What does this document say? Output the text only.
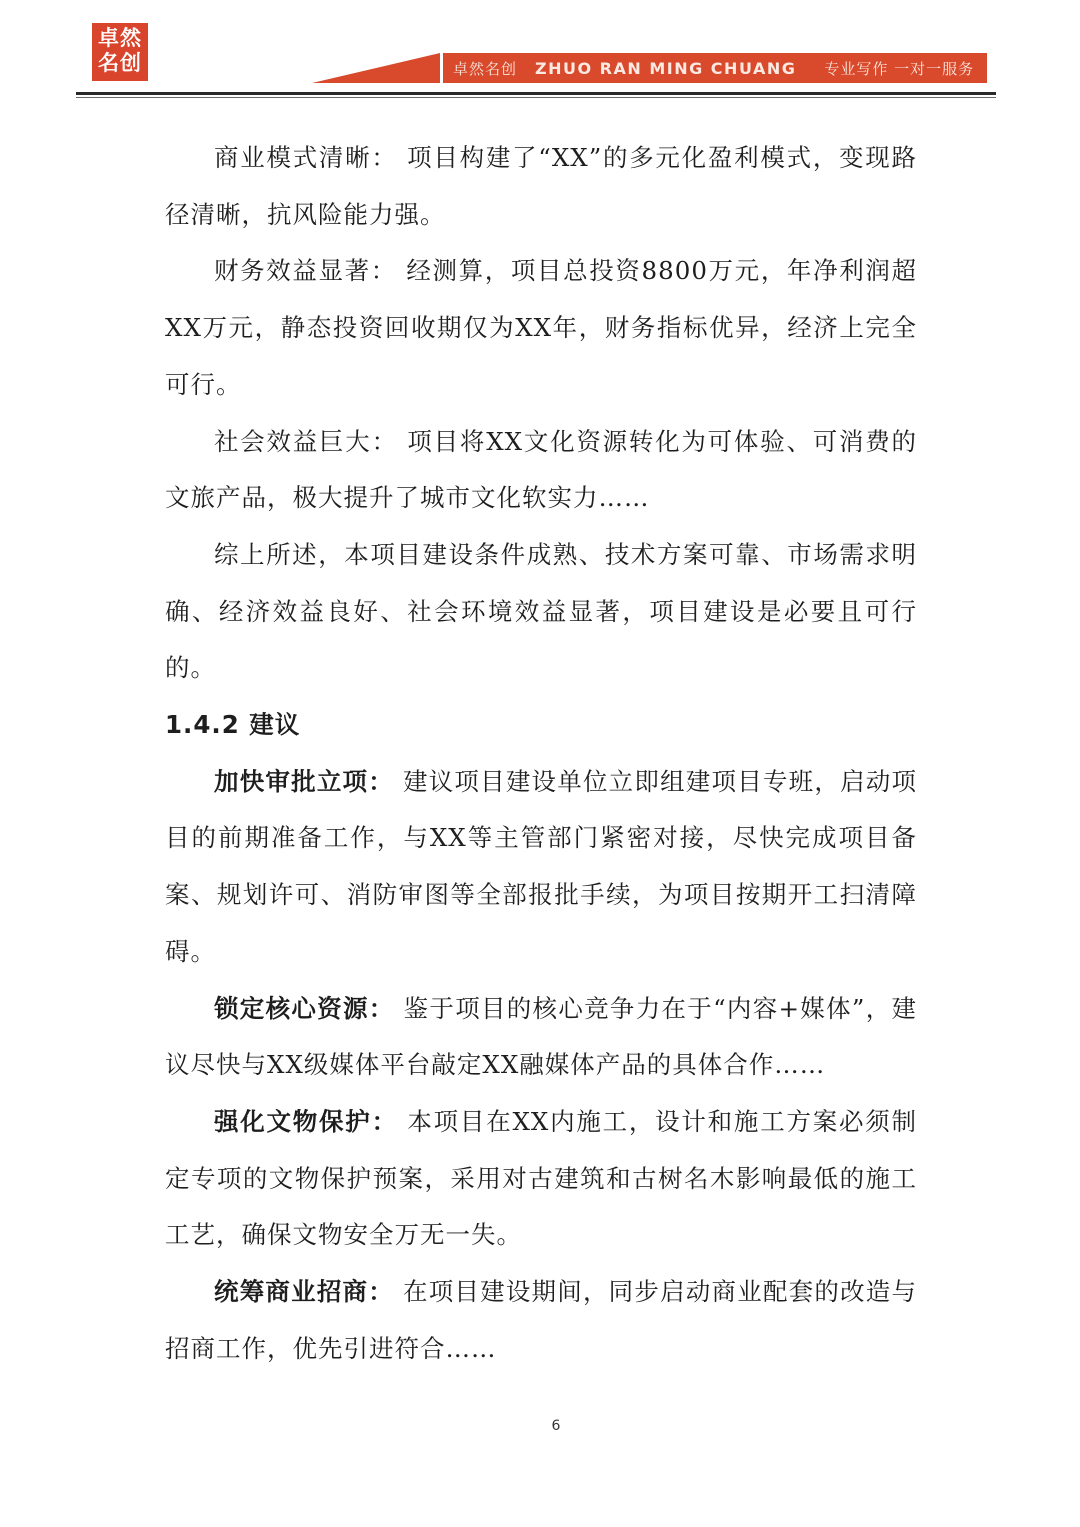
卓然
名创	卓然名创 ZHUO RAN MING CHUANG 专业写作 一对一服务

商业模式清晰： 项目构建了“XX”的多元化盈利模式，变现路径清晰，抗风险能力强。

财务效益显著： 经测算，项目总投资8800万元，年净利润超XX万元，静态投资回收期仅为XX年，财务指标优异，经济上完全可行。

社会效益巨大： 项目将XX文化资源转化为可体验、可消费的文旅产品，极大提升了城市文化软实力……

综上所述，本项目建设条件成熟、技术方案可靠、市场需求明确、经济效益良好、社会环境效益显著，项目建设是必要且可行的。

1.4.2 建议

加快审批立项： 建议项目建设单位立即组建项目专班，启动项目的前期准备工作，与XX等主管部门紧密对接，尽快完成项目备案、规划许可、消防审图等全部报批手续，为项目按期开工扫清障碍。

锁定核心资源： 鉴于项目的核心竞争力在于“内容+媒体”，建议尽快与XX级媒体平台敲定XX融媒体产品的具体合作……

强化文物保护： 本项目在XX内施工，设计和施工方案必须制定专项的文物保护预案，采用对古建筑和古树名木影响最低的施工工艺，确保文物安全万无一失。

统筹商业招商： 在项目建设期间，同步启动商业配套的改造与招商工作，优先引进符合……

6
